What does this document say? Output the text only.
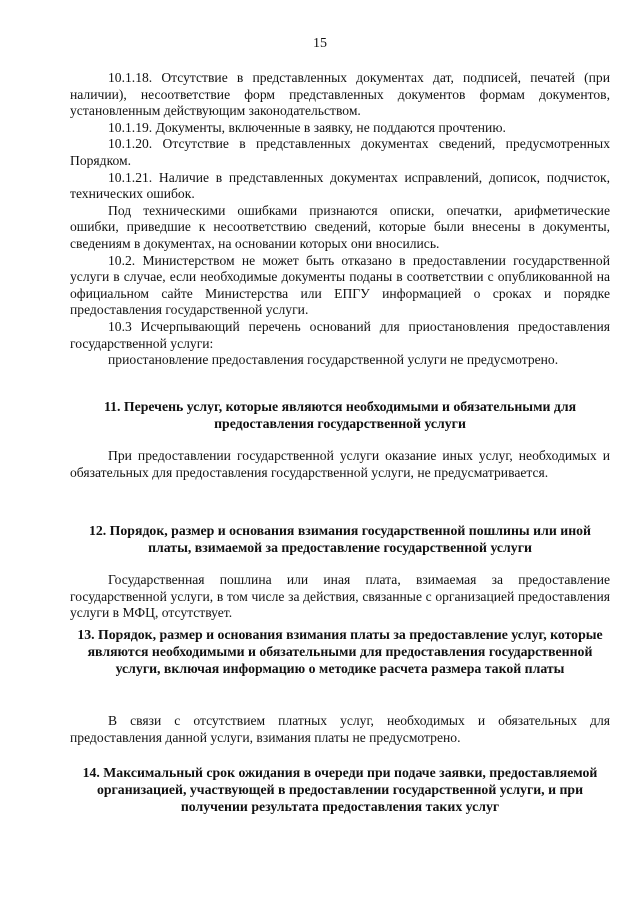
15

10.1.18. Отсутствие в представленных документах дат, подписей, печатей (при наличии), несоответствие форм представленных документов формам документов, установленным действующим законодательством.

10.1.19. Документы, включенные в заявку, не поддаются прочтению.

10.1.20. Отсутствие в представленных документах сведений, предусмотренных Порядком.

10.1.21. Наличие в представленных документах исправлений, дописок, подчисток, технических ошибок.

Под техническими ошибками признаются описки, опечатки, арифметические ошибки, приведшие к несоответствию сведений, которые были внесены в документы, сведениям в документах, на основании которых они вносились.

10.2. Министерством не может быть отказано в предоставлении государственной услуги в случае, если необходимые документы поданы в соответствии с опубликованной на официальном сайте Министерства или ЕПГУ информацией о сроках и порядке предоставления государственной услуги.

10.3 Исчерпывающий перечень оснований для приостановления предоставления государственной услуги:

приостановление предоставления государственной услуги не предусмотрено.

11. Перечень услуг, которые являются необходимыми и обязательными для предоставления государственной услуги

При предоставлении государственной услуги оказание иных услуг, необходимых и обязательных для предоставления государственной услуги, не предусматривается.

12. Порядок, размер и основания взимания государственной пошлины или иной платы, взимаемой за предоставление государственной услуги

Государственная пошлина или иная плата, взимаемая за предоставление государственной услуги, в том числе за действия, связанные с организацией предоставления услуги в МФЦ, отсутствует.

13. Порядок, размер и основания взимания платы за предоставление услуг, которые являются необходимыми и обязательными для предоставления государственной услуги, включая информацию о методике расчета размера такой платы

В связи с отсутствием платных услуг, необходимых и обязательных для предоставления данной услуги, взимания платы не предусмотрено.

14. Максимальный срок ожидания в очереди при подаче заявки, предоставляемой организацией, участвующей в предоставлении государственной услуги, и при получении результата предоставления таких услуг
